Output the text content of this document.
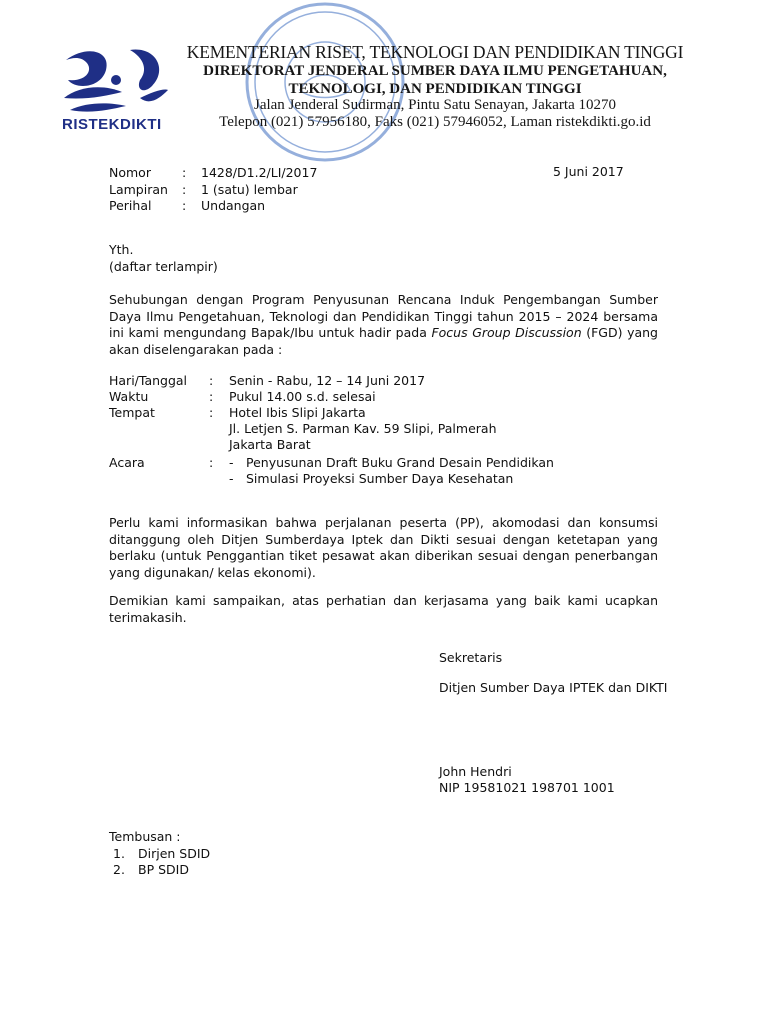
RISTEKDIKTI
KEMENTERIAN RISET, TEKNOLOGI DAN PENDIDIKAN TINGGI
DIREKTORAT JENDERAL SUMBER DAYA ILMU PENGETAHUAN,
TEKNOLOGI, DAN PENDIDIKAN TINGGI
Jalan Jenderal Sudirman, Pintu Satu Senayan, Jakarta 10270
Telepon (021) 57956180, Faks (021) 57946052, Laman ristekdikti.go.id
Nomor : 1428/D1.2/LI/2017	5 Juni 2017
Lampiran : 1 (satu) lembar
Perihal : Undangan
Yth.
(daftar terlampir)
Sehubungan dengan Program Penyusunan Rencana Induk Pengembangan Sumber Daya Ilmu Pengetahuan, Teknologi dan Pendidikan Tinggi tahun 2015 – 2024 bersama ini kami mengundang Bapak/Ibu untuk hadir pada Focus Group Discussion (FGD) yang akan diselengarakan pada :
Hari/Tanggal : Senin - Rabu, 12 – 14 Juni 2017
Waktu	: Pukul 14.00 s.d. selesai
Tempat	: Hotel Ibis Slipi Jakarta
Jl. Letjen S. Parman Kav. 59 Slipi, Palmerah
Jakarta Barat
Acara	: - Penyusunan Draft Buku Grand Desain Pendidikan
- Simulasi Proyeksi Sumber Daya Kesehatan
Perlu kami informasikan bahwa perjalanan peserta (PP), akomodasi dan konsumsi ditanggung oleh Ditjen Sumberdaya Iptek dan Dikti sesuai dengan ketetapan yang berlaku (untuk Penggantian tiket pesawat akan diberikan sesuai dengan penerbangan yang digunakan/ kelas ekonomi).
Demikian kami sampaikan, atas perhatian dan kerjasama yang baik kami ucapkan terimakasih.
Sekretaris
Ditjen Sumber Daya IPTEK dan DIKTI
John Hendri
NIP 19581021 198701 1001
Tembusan :
1. Dirjen SDID
2. BP SDID
